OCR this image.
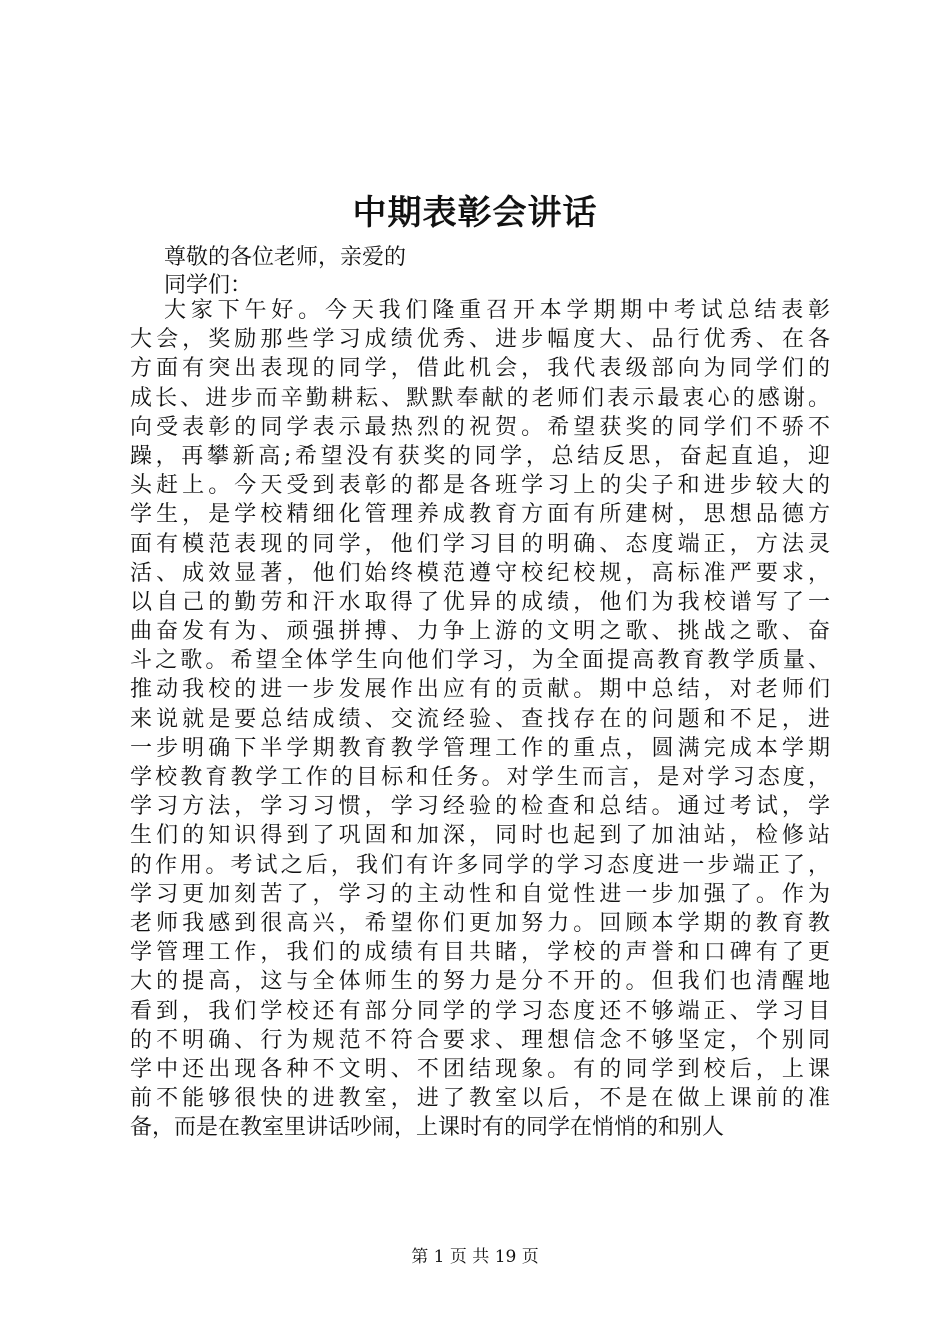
中期表彰会讲话
尊敬的各位老师，亲爱的
同学们：
大家下午好。今天我们隆重召开本学期期中考试总结表彰
大会，奖励那些学习成绩优秀、进步幅度大、品行优秀、在各
方面有突出表现的同学，借此机会，我代表级部向为同学们的
成长、进步而辛勤耕耘、默默奉献的老师们表示最衷心的感谢。
向受表彰的同学表示最热烈的祝贺。希望获奖的同学们不骄不
躁，再攀新高;希望没有获奖的同学，总结反思，奋起直追，迎
头赶上。今天受到表彰的都是各班学习上的尖子和进步较大的
学生，是学校精细化管理养成教育方面有所建树，思想品德方
面有模范表现的同学，他们学习目的明确、态度端正，方法灵
活、成效显著，他们始终模范遵守校纪校规，高标准严要求，
以自己的勤劳和汗水取得了优异的成绩，他们为我校谱写了一
曲奋发有为、顽强拼搏、力争上游的文明之歌、挑战之歌、奋
斗之歌。希望全体学生向他们学习，为全面提高教育教学质量、
推动我校的进一步发展作出应有的贡献。期中总结，对老师们
来说就是要总结成绩、交流经验、查找存在的问题和不足，进
一步明确下半学期教育教学管理工作的重点，圆满完成本学期
学校教育教学工作的目标和任务。对学生而言，是对学习态度，
学习方法，学习习惯，学习经验的检查和总结。通过考试，学
生们的知识得到了巩固和加深，同时也起到了加油站，检修站
的作用。考试之后，我们有许多同学的学习态度进一步端正了，
学习更加刻苦了，学习的主动性和自觉性进一步加强了。作为
老师我感到很高兴，希望你们更加努力。回顾本学期的教育教
学管理工作，我们的成绩有目共睹，学校的声誉和口碑有了更
大的提高，这与全体师生的努力是分不开的。但我们也清醒地
看到，我们学校还有部分同学的学习态度还不够端正、学习目
的不明确、行为规范不符合要求、理想信念不够坚定，个别同
学中还出现各种不文明、不团结现象。有的同学到校后，上课
前不能够很快的进教室，进了教室以后，不是在做上课前的准
备，而是在教室里讲话吵闹，上课时有的同学在悄悄的和别人
第 1 页 共 19 页
